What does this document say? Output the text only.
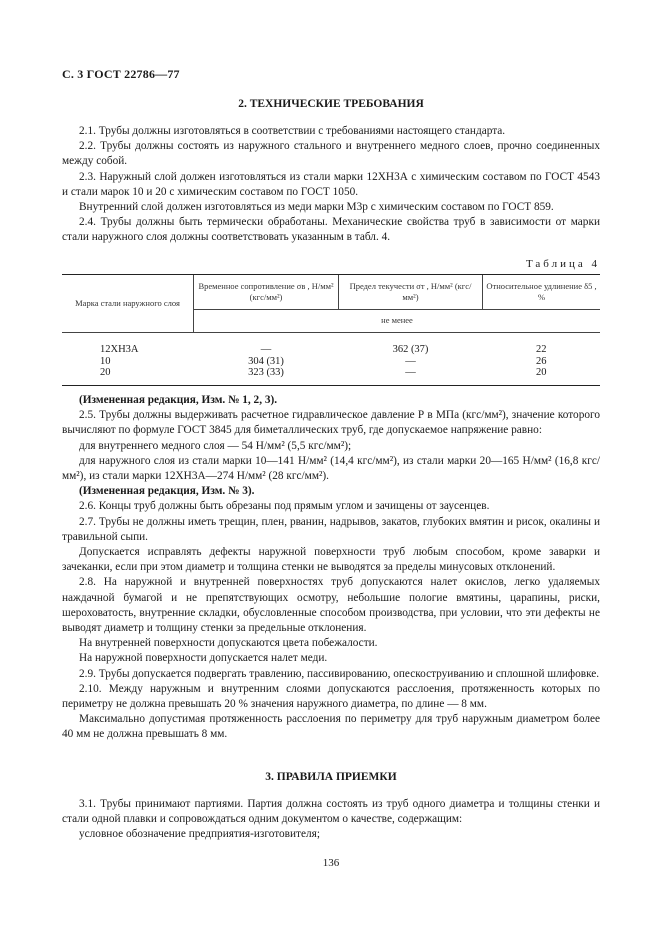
С. 3 ГОСТ 22786—77
2. ТЕХНИЧЕСКИЕ ТРЕБОВАНИЯ

2.1. Трубы должны изготовляться в соответствии с требованиями настоящего стандарта.

2.2. Трубы должны состоять из наружного стального и внутреннего медного слоев, прочно соединенных между собой.

2.3. Наружный слой должен изготовляться из стали марки 12ХН3А с химическим составом по ГОСТ 4543 и стали марок 10 и 20 с химическим составом по ГОСТ 1050.

Внутренний слой должен изготовляться из меди марки М3р с химическим составом по ГОСТ 859.

2.4. Трубы должны быть термически обработаны. Механические свойства труб в зависимости от марки стали наружного слоя должны соответствовать указанным в табл. 4.

Таблица 4
Марка стали наружного слоя	Временное сопротивление σв , Н/мм² (кгс/мм²)	Предел текучести σт , Н/мм² (кгс/мм²)	Относительное удлинение δ5 , %
	не менее		
12ХН3А	—	362 (37)	22
10	304 (31)	—	26
20	323 (33)	—	20

(Измененная редакция, Изм. № 1, 2, 3).

2.5. Трубы должны выдерживать расчетное гидравлическое давление Р в МПа (кгс/мм²), значение которого вычисляют по формуле ГОСТ 3845 для биметаллических труб, где допускаемое напряжение равно:

для внутреннего медного слоя — 54 Н/мм² (5,5 кгс/мм²);

для наружного слоя из стали марки 10—141 Н/мм² (14,4 кгс/мм²), из стали марки 20—165 Н/мм² (16,8 кгс/мм²), из стали марки 12ХН3А—274 Н/мм² (28 кгс/мм²).

(Измененная редакция, Изм. № 3).

2.6. Концы труб должны быть обрезаны под прямым углом и зачищены от заусенцев.

2.7. Трубы не должны иметь трещин, плен, рванин, надрывов, закатов, глубоких вмятин и рисок, окалины и травильной сыпи.

Допускается исправлять дефекты наружной поверхности труб любым способом, кроме заварки и зачеканки, если при этом диаметр и толщина стенки не выводятся за пределы минусовых отклонений.

2.8. На наружной и внутренней поверхностях труб допускаются налет окислов, легко удаляемых наждачной бумагой и не препятствующих осмотру, небольшие пологие вмятины, царапины, риски, шероховатость, внутренние складки, обусловленные способом производства, при условии, что эти дефекты не выводят диаметр и толщину стенки за предельные отклонения.

На внутренней поверхности допускаются цвета побежалости.

На наружной поверхности допускается налет меди.

2.9. Трубы допускается подвергать травлению, пассивированию, опескоструиванию и сплошной шлифовке.

2.10. Между наружным и внутренним слоями допускаются расслоения, протяженность которых по периметру не должна превышать 20 % значения наружного диаметра, по длине — 8 мм.

Максимально допустимая протяженность расслоения по периметру для труб наружным диаметром более 40 мм не должна превышать 8 мм.

3. ПРАВИЛА ПРИЕМКИ

3.1. Трубы принимают партиями. Партия должна состоять из труб одного диаметра и толщины стенки и стали одной плавки и сопровождаться одним документом о качестве, содержащим:

условное обозначение предприятия-изготовителя;

136
